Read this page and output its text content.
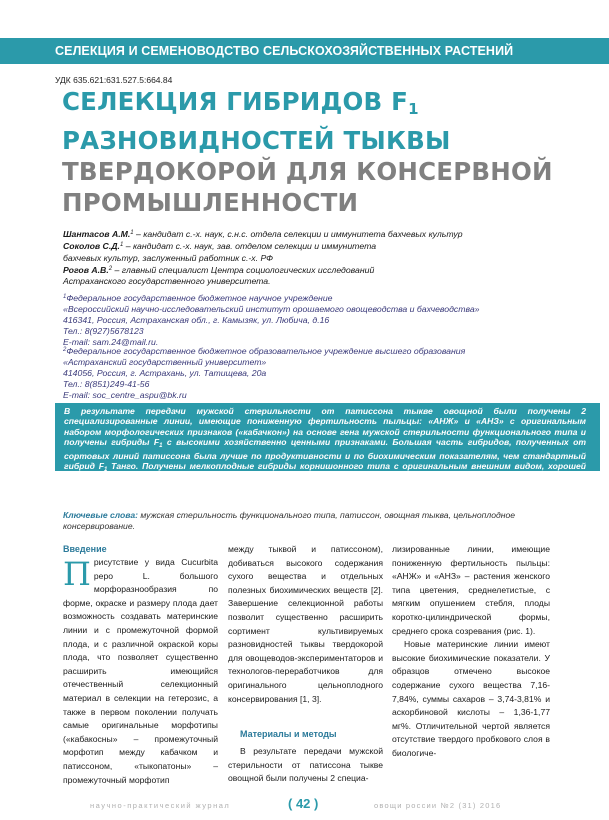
СЕЛЕКЦИЯ И СЕМЕНОВОДСТВО СЕЛЬСКОХОЗЯЙСТВЕННЫХ РАСТЕНИЙ
УДК 635.621:631.527.5:664.84
СЕЛЕКЦИЯ ГИБРИДОВ $F_1$
РАЗНОВИДНОСТЕЙ ТЫКВЫ
ТВЕРДОКОРОЙ ДЛЯ КОНСЕРВНОЙ
ПРОМЫШЛЕННОСТИ
Шантасов А.М.$^1$ – кандидат с.-х. наук, с.н.с. отдела селекции и иммунитета бахчевых культур
Соколов С.Д.$^1$ – кандидат с.-х. наук, зав. отделом селекции и иммунитета
бахчевых культур, заслуженный работник с.-х. РФ
Рогов А.В.$^2$ – главный специалист Центра социологических исследований
Астраханского государственного университета.
$^1$Федеральное государственное бюджетное научное учреждение
«Всероссийский научно-исследовательский институт орошаемого овощеводства и бахчеводства»
416341, Россия, Астраханская обл., г. Камызяк, ул. Любича, д.16
Тел.: 8(927)5678123
E-mail: sam.24@mail.ru.
$^2$Федеральное государственное бюджетное образовательное учреждение высшего образования
«Астраханский государственный университет»
414056, Россия, г. Астрахань, ул. Татищева, 20а
Тел.: 8(851)249-41-56
E-mail: soc_centre_aspu@bk.ru
В результате передачи мужской стерильности от патиссона тыкве овощной были получены 2 специализированные линии, имеющие пониженную фертильность пыльцы: «АНЖ» и «АНЗ» с оригинальным набором морфологических признаков («кабачкон») на основе гена мужской стерильности функционального типа и получены гибриды $F_1$ с высокими хозяйственно ценными признаками. Большая часть гибридов, полученных от сортовых линий патиссона была лучше по продуктивности и по биохимическим показателям, чем стандартный гибрид $F_1$ Танго. Получены мелкоплодные гибриды корнишонного типа с оригинальным внешним видом, хорошей урожайностью и высокими биохимических показатели, и могут быть использованы для цельноплодного консервирования.
Ключевые слова: мужская стерильность функционального типа, патиссон, овощная тыква, цельноплодное консервирование.
Введение
П рисутствие у вида Cucurbita pepo L. большого морфоразнообразия по форме, окраске и размеру плода дает возможность создавать материнские линии и с промежуточной формой плода, и с различной окраской коры плода, что позволяет существенно расширить имеющийся отечественный селекционный материал в селекции на гетерозис, а также в первом поколении получать самые оригинальные морфотипы («кабакосны» – промежуточный морфотип между кабачком и патиссоном, «тыкопатоны» – промежуточный морфотип

между тыквой и патиссоном), добиваться высокого содержания сухого вещества и отдельных полезных биохимических веществ [2]. Завершение селекционной работы позволит существенно расширить сортимент культивируемых разновидностей тыквы твердокорой для овощеводов-экспериментаторов и технологов-переработчиков для оригинального цельноплодного консервирования [1, 3].

Материалы и методы

В результате передачи мужской стерильности от патиссона тыкве овощной были получены 2 специа-

лизированные линии, имеющие пониженную фертильность пыльцы: «АНЖ» и «АНЗ» – растения женского типа цветения, среднелетистые, с мягким опушением стебля, плоды коротко-цилиндрической формы, среднего срока созревания (рис. 1).

Новые материнские линии имеют высокие биохимические показатели. У образцов отмечено высокое содержание сухого вещества 7,16-7,84%, суммы сахаров – 3,74-3,81% и аскорбиновой кислоты – 1,36-1,77 мг%. Отличительной чертой является отсутствие твердого пробкового слоя в биологиче-

научно-практический журнал	( 42 )	овощи россии №2 (31) 2016
